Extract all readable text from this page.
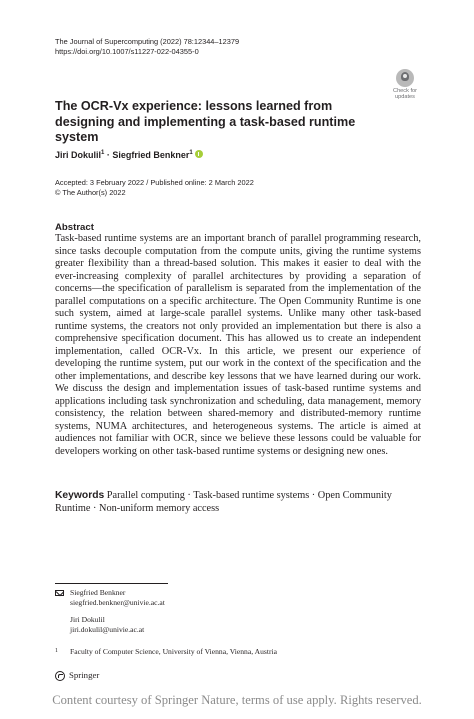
The Journal of Supercomputing (2022) 78:12344–12379
https://doi.org/10.1007/s11227-022-04355-0
Check for
updates
The OCR-Vx experience: lessons learned from designing and implementing a task-based runtime system
Jiri Dokulil$^1$ · Siegfried Benkner$^1$
Accepted: 3 February 2022 / Published online: 2 March 2022
© The Author(s) 2022
Abstract

Task-based runtime systems are an important branch of parallel programming research, since tasks decouple computation from the compute units, giving the runtime systems greater flexibility than a thread-based solution. This makes it easier to deal with the ever-increasing complexity of parallel architectures by providing a separation of concerns—the specification of parallelism is separated from the implementation of the parallel computations on a specific architecture. The Open Community Runtime is one such system, aimed at large-scale parallel systems. Unlike many other task-based runtime systems, the creators not only provided an implementation but there is also a comprehensive specification document. This has allowed us to create an independent implementation, called OCR-Vx. In this article, we present our experience of developing the runtime system, put our work in the context of the specification and the other implementations, and describe key lessons that we have learned during our work. We discuss the design and implementation issues of task-based runtime systems and applications including task synchronization and scheduling, data management, memory consistency, the relation between shared-memory and distributed-memory runtime systems, NUMA architectures, and heterogeneous systems. The article is aimed at audiences not familiar with OCR, since we believe these lessons could be valuable for developers working on other task-based runtime systems or designing new ones.

Keywords Parallel computing · Task-based runtime systems · Open Community Runtime · Non-uniform memory access
Siegfried Benkner
siegfried.benkner@univie.ac.at
Jiri Dokulil
jiri.dokulil@univie.ac.at
1 Faculty of Computer Science, University of Vienna, Vienna, Austria
Springer
Content courtesy of Springer Nature, terms of use apply. Rights reserved.
